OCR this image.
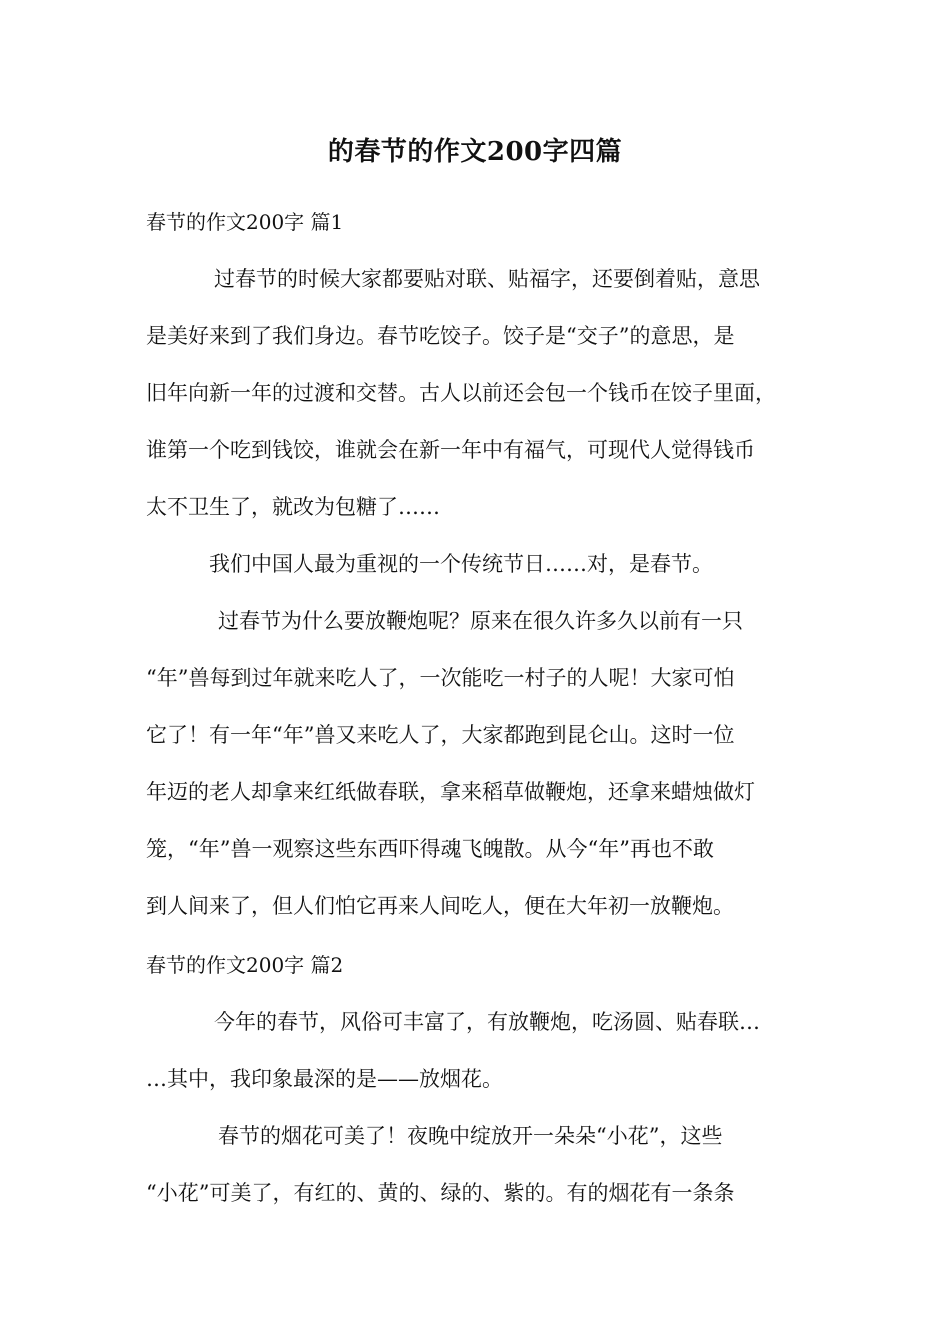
的春节的作文200字四篇
春节的作文200字 篇1
过春节的时候大家都要贴对联、贴福字，还要倒着贴，意思
是美好来到了我们身边。春节吃饺子。饺子是“交子”的意思，是
旧年向新一年的过渡和交替。古人以前还会包一个钱币在饺子里面，
谁第一个吃到钱饺，谁就会在新一年中有福气，可现代人觉得钱币
太不卫生了，就改为包糖了……
我们中国人最为重视的一个传统节日……对，是春节。
过春节为什么要放鞭炮呢？原来在很久许多久以前有一只
“年”兽每到过年就来吃人了，一次能吃一村子的人呢！大家可怕
它了！有一年“年”兽又来吃人了，大家都跑到昆仑山。这时一位
年迈的老人却拿来红纸做春联，拿来稻草做鞭炮，还拿来蜡烛做灯
笼，“年”兽一观察这些东西吓得魂飞魄散。从今“年”再也不敢
到人间来了，但人们怕它再来人间吃人，便在大年初一放鞭炮。
春节的作文200字 篇2
今年的春节，风俗可丰富了，有放鞭炮，吃汤圆、贴春联…
…其中，我印象最深的是——放烟花。
春节的烟花可美了！夜晚中绽放开一朵朵“小花”，这些
“小花”可美了，有红的、黄的、绿的、紫的。有的烟花有一条条
